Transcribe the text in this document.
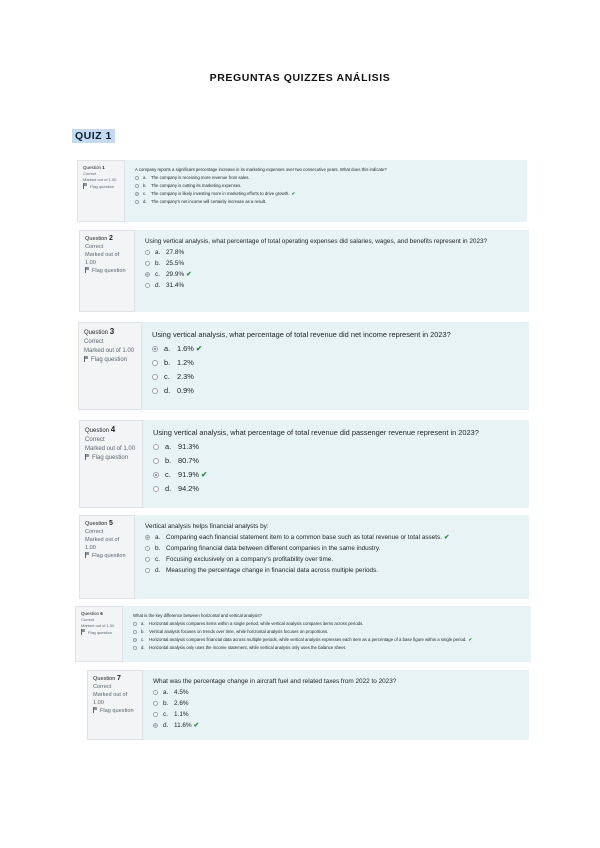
PREGUNTAS QUIZZES ANÁLISIS
QUIZ 1
Question 1
Correct
Marked out of 1.00
Flag question
A company reports a significant percentage increase in its marketing expenses over two consecutive years. What does this indicate?
a.	The company is receiving more revenue from sales.
b.	The company is cutting its marketing expenses.
c.	The company is likely investing more in marketing efforts to drive growth. ✔
d.	The company's net income will certainly increase as a result.
Question 2
Correct
Marked out of 1.00
Flag question
Using vertical analysis, what percentage of total operating expenses did salaries, wages, and benefits represent in 2023?
a. 27.8%
b. 25.5%
c. 29.9% ✔
d. 31.4%
Question 3
Correct
Marked out of 1.00
Flag question
Using vertical analysis, what percentage of total revenue did net income represent in 2023?
a. 1.6% ✔
b. 1.2%
c. 2.3%
d. 0.9%
Question 4
Correct
Marked out of 1.00
Flag question
Using vertical analysis, what percentage of total revenue did passenger revenue represent in 2023?
a. 91.3%
b. 80.7%
c. 91.9% ✔
d. 94.2%
Question 5
Correct
Marked out of 1.00
Flag question
Vertical analysis helps financial analysts by:
a. Comparing each financial statement item to a common base such as total revenue or total assets. ✔
b. Comparing financial data between different companies in the same industry.
c. Focusing exclusively on a company's profitability over time.
d. Measuring the percentage change in financial data across multiple periods.
Question 6
Correct
Marked out of 1.00
Flag question
What is the key difference between horizontal and vertical analysis?
a.	Horizontal analysis compares items within a single period, while vertical analysis compares items across periods.
b.	Vertical analysis focuses on trends over time, while horizontal analysis focuses on proportions.
c.	Horizontal analysis compares financial data across multiple periods, while vertical analysis expresses each item as a percentage of a base figure within a single period. ✔
d.	Horizontal analysis only uses the income statement, while vertical analysis only uses the balance sheet.
Question 7
Correct
Marked out of 1.00
Flag question
What was the percentage change in aircraft fuel and related taxes from 2022 to 2023?
a. 4.5%
b. 2.6%
c. 1.1%
d. 11.6% ✔
